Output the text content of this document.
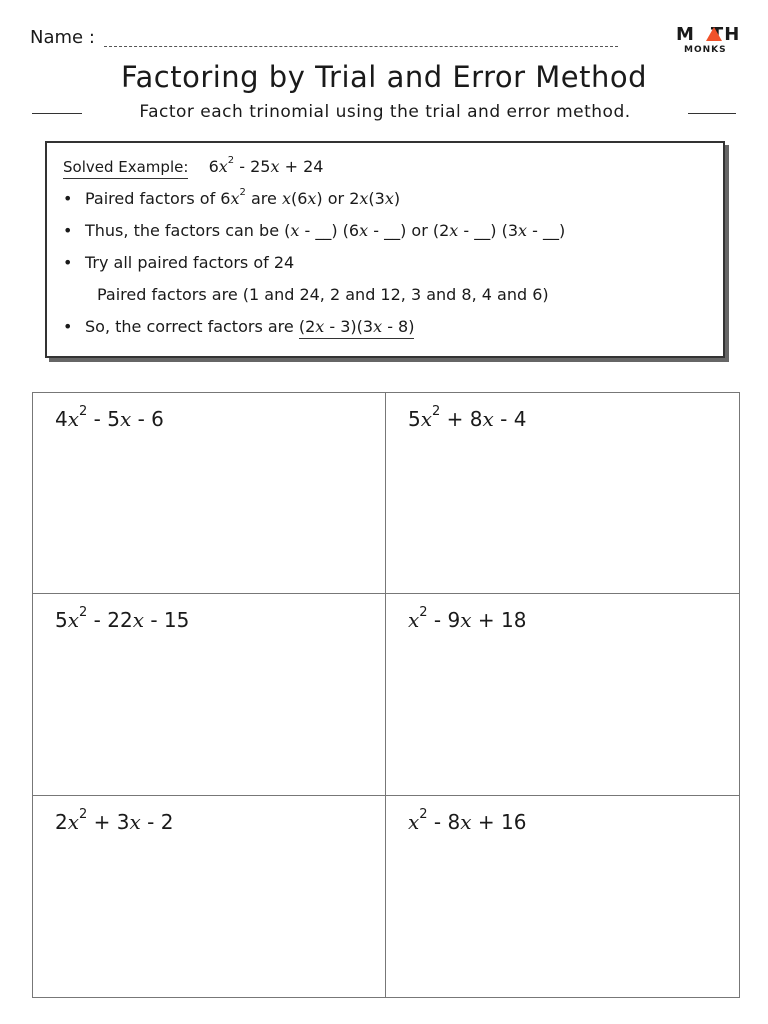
Name :	M TH
MONKS
Factoring by Trial and Error Method
Factor each trinomial using the trial and error method.
Solved Example: $6x^2 - 25x + 24$
• Paired factors of $6x^2$ are x(6x) or 2x(3x)
• Thus, the factors can be (x - __) (6x - __) or (2x - __) (3x - __)
• Try all paired factors of 24
Paired factors are (1 and 24, 2 and 12, 3 and 8, 4 and 6)
• So, the correct factors are (2x - 3)(3x - 8)
$4x^2 - 5x - 6$	$5x^2 + 8x - 4$
$5x^2 - 22x - 15$	$x^2 - 9x + 18$
$2x^2 + 3x - 2$	$x^2 - 8x + 16$
